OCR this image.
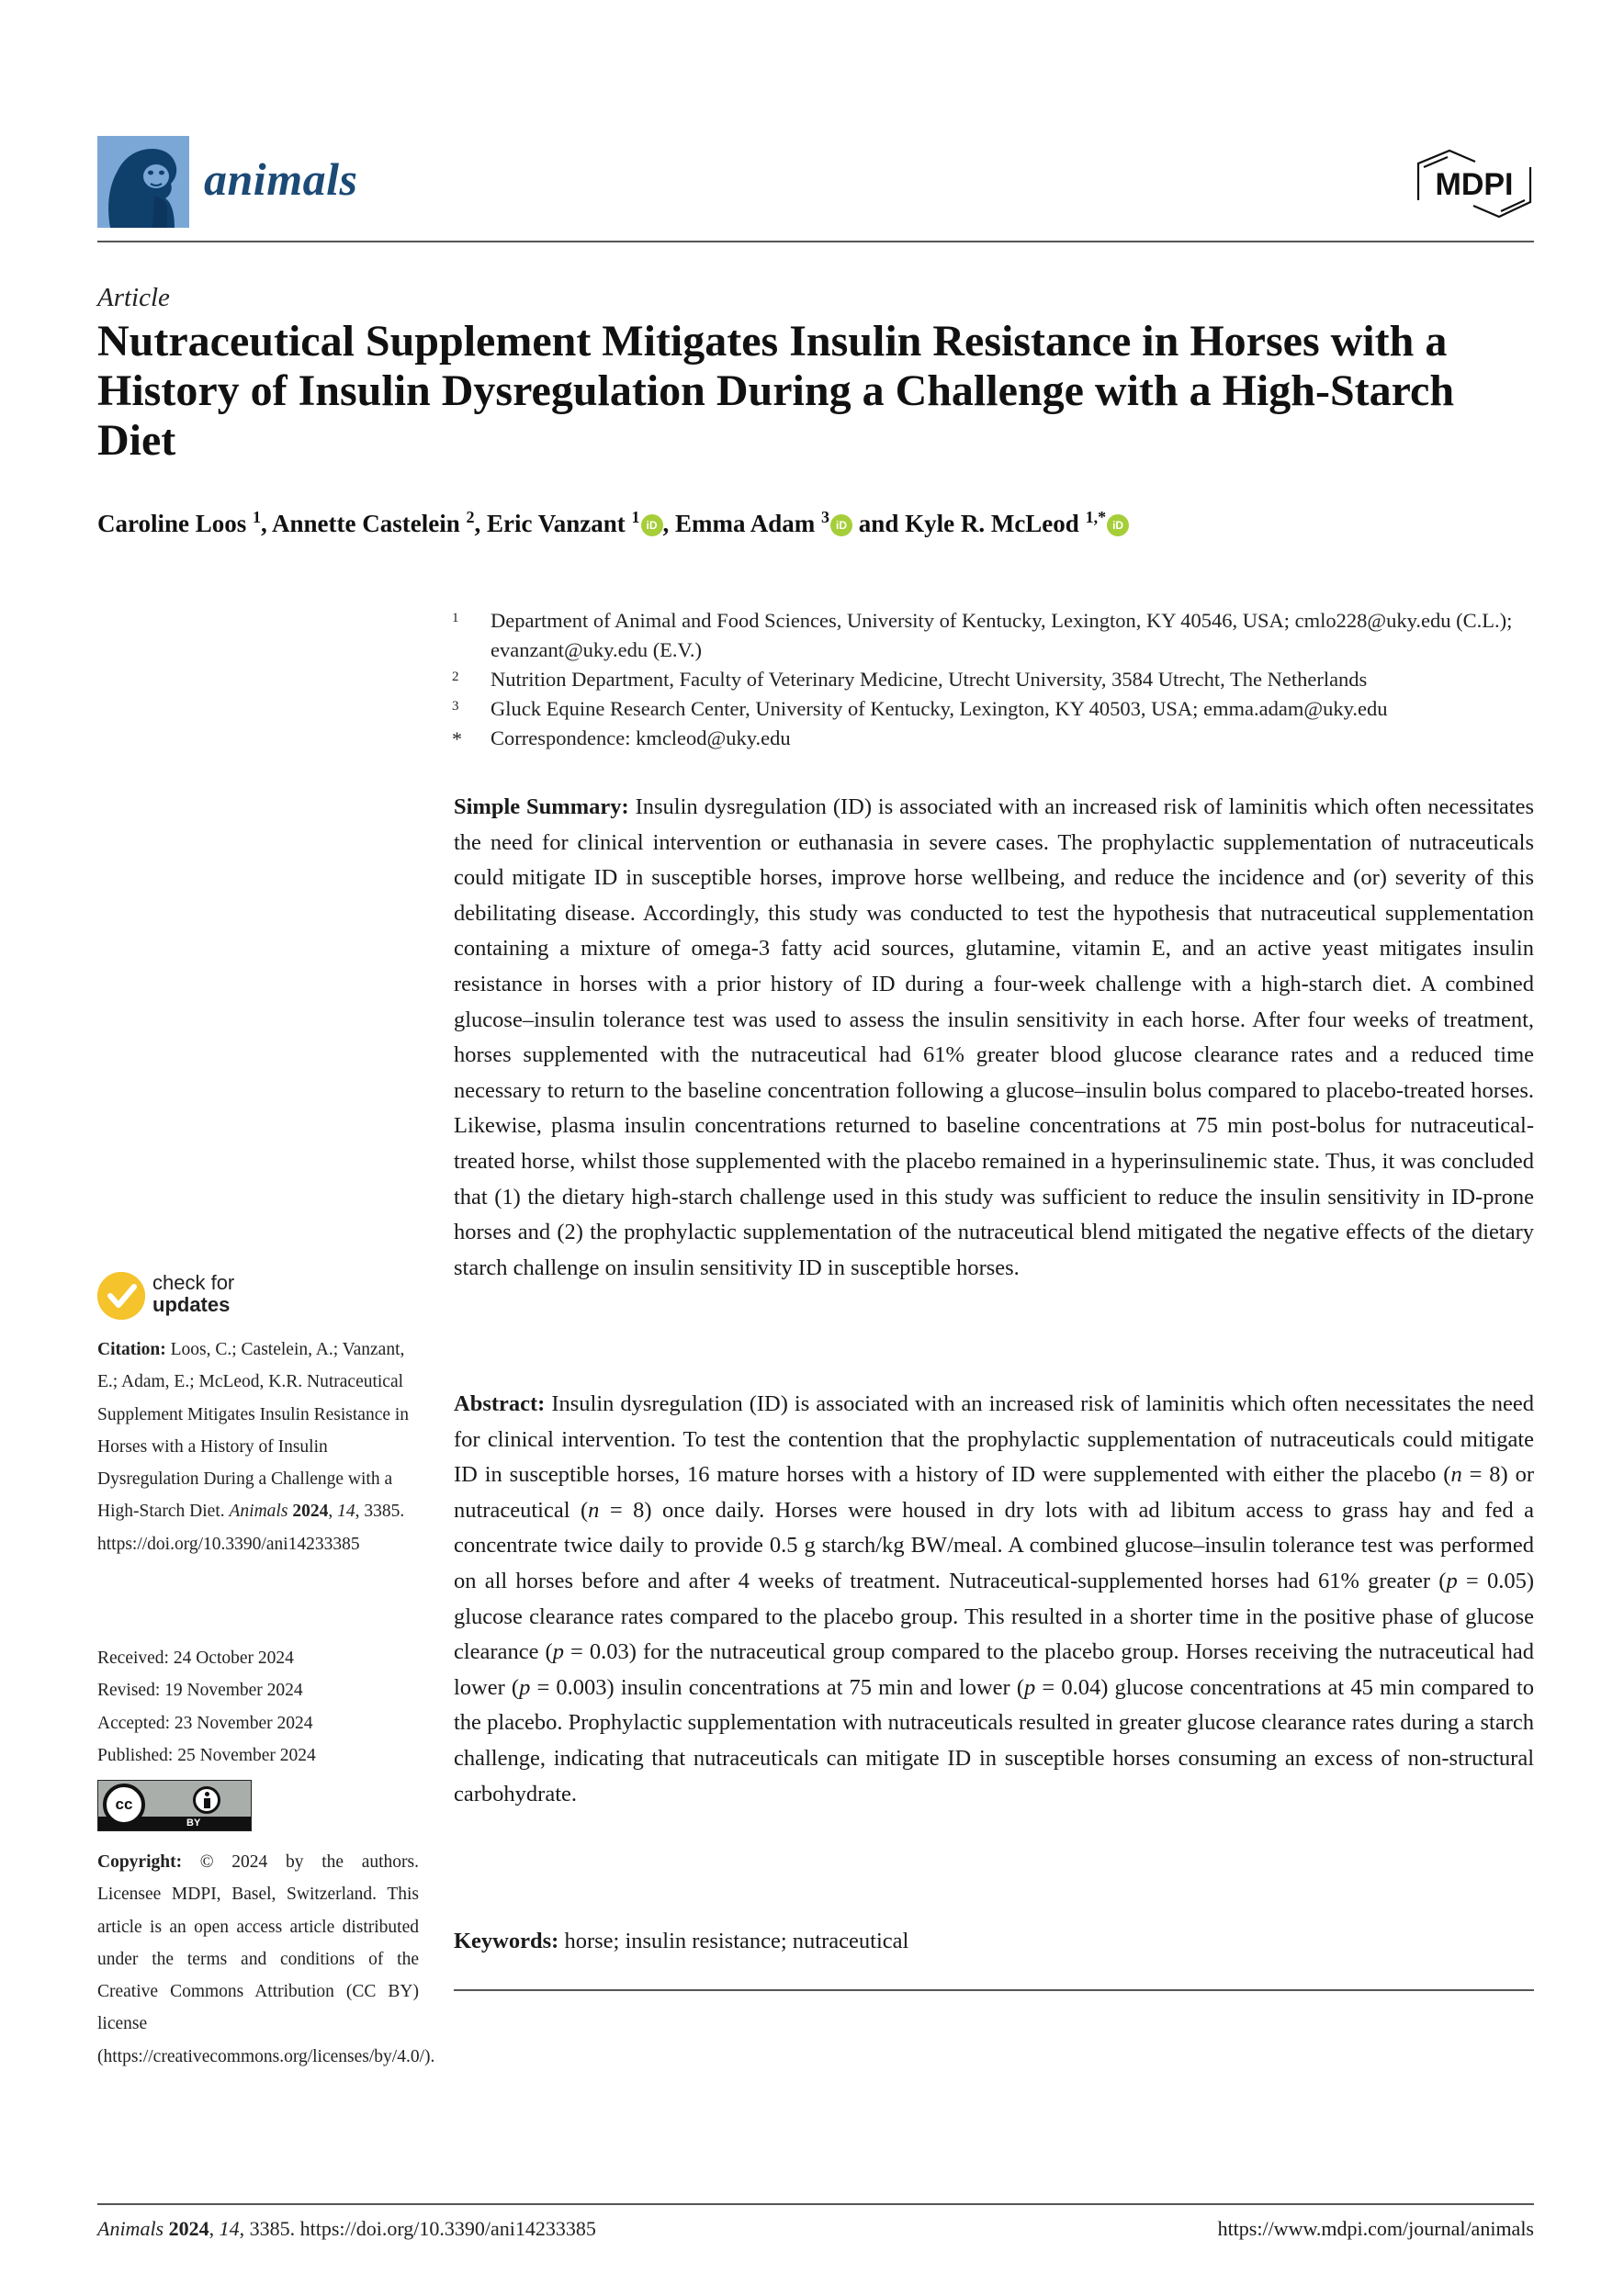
animals	MDPI
Article
Nutraceutical Supplement Mitigates Insulin Resistance in Horses with a History of Insulin Dysregulation During a Challenge with a High-Starch Diet
Caroline Loos $^1$, Annette Castelein $^2$, Eric Vanzant $^1$ iD , Emma Adam $^3$ iD and Kyle R. McLeod $^{1,*}$ iD
1	Department of Animal and Food Sciences, University of Kentucky, Lexington, KY 40546, USA; cmlo228@uky.edu (C.L.); evanzant@uky.edu (E.V.)
2	Nutrition Department, Faculty of Veterinary Medicine, Utrecht University, 3584 Utrecht, The Netherlands
3	Gluck Equine Research Center, University of Kentucky, Lexington, KY 40503, USA; emma.adam@uky.edu
*	Correspondence: kmcleod@uky.edu

Simple Summary: Insulin dysregulation (ID) is associated with an increased risk of laminitis which often necessitates the need for clinical intervention or euthanasia in severe cases. The prophylactic supplementation of nutraceuticals could mitigate ID in susceptible horses, improve horse wellbeing, and reduce the incidence and (or) severity of this debilitating disease. Accordingly, this study was conducted to test the hypothesis that nutraceutical supplementation containing a mixture of omega-3 fatty acid sources, glutamine, vitamin E, and an active yeast mitigates insulin resistance in horses with a prior history of ID during a four-week challenge with a high-starch diet. A combined glucose–insulin tolerance test was used to assess the insulin sensitivity in each horse. After four weeks of treatment, horses supplemented with the nutraceutical had 61% greater blood glucose clearance rates and a reduced time necessary to return to the baseline concentration following a glucose–insulin bolus compared to placebo-treated horses. Likewise, plasma insulin concentrations returned to baseline concentrations at 75 min post-bolus for nutraceutical-treated horse, whilst those supplemented with the placebo remained in a hyperinsulinemic state. Thus, it was concluded that (1) the dietary high-starch challenge used in this study was sufficient to reduce the insulin sensitivity in ID-prone horses and (2) the prophylactic supplementation of the nutraceutical blend mitigated the negative effects of the dietary starch challenge on insulin sensitivity ID in susceptible horses.

Abstract: Insulin dysregulation (ID) is associated with an increased risk of laminitis which often necessitates the need for clinical intervention. To test the contention that the prophylactic supplementation of nutraceuticals could mitigate ID in susceptible horses, 16 mature horses with a history of ID were supplemented with either the placebo (n = 8) or nutraceutical (n = 8) once daily. Horses were housed in dry lots with ad libitum access to grass hay and fed a concentrate twice daily to provide 0.5 g starch/kg BW/meal. A combined glucose–insulin tolerance test was performed on all horses before and after 4 weeks of treatment. Nutraceutical-supplemented horses had 61% greater (p = 0.05) glucose clearance rates compared to the placebo group. This resulted in a shorter time in the positive phase of glucose clearance (p = 0.03) for the nutraceutical group compared to the placebo group. Horses receiving the nutraceutical had lower (p = 0.003) insulin concentrations at 75 min and lower (p = 0.04) glucose concentrations at 45 min compared to the placebo. Prophylactic supplementation with nutraceuticals resulted in greater glucose clearance rates during a starch challenge, indicating that nutraceuticals can mitigate ID in susceptible horses consuming an excess of non-structural carbohydrate.

Keywords: horse; insulin resistance; nutraceutical

check for
updates
Citation: Loos, C.; Castelein, A.; Vanzant, E.; Adam, E.; McLeod, K.R. Nutraceutical Supplement Mitigates Insulin Resistance in Horses with a History of Insulin Dysregulation During a Challenge with a High-Starch Diet. Animals 2024, 14, 3385. https://doi.org/10.3390/ani14233385
Received: 24 October 2024
Revised: 19 November 2024
Accepted: 23 November 2024
Published: 25 November 2024
cc
BY
Copyright: © 2024 by the authors. Licensee MDPI, Basel, Switzerland. This article is an open access article distributed under the terms and conditions of the Creative Commons Attribution (CC BY) license (https://creativecommons.org/licenses/by/4.0/).
Animals 2024, 14, 3385. https://doi.org/10.3390/ani14233385	https://www.mdpi.com/journal/animals
